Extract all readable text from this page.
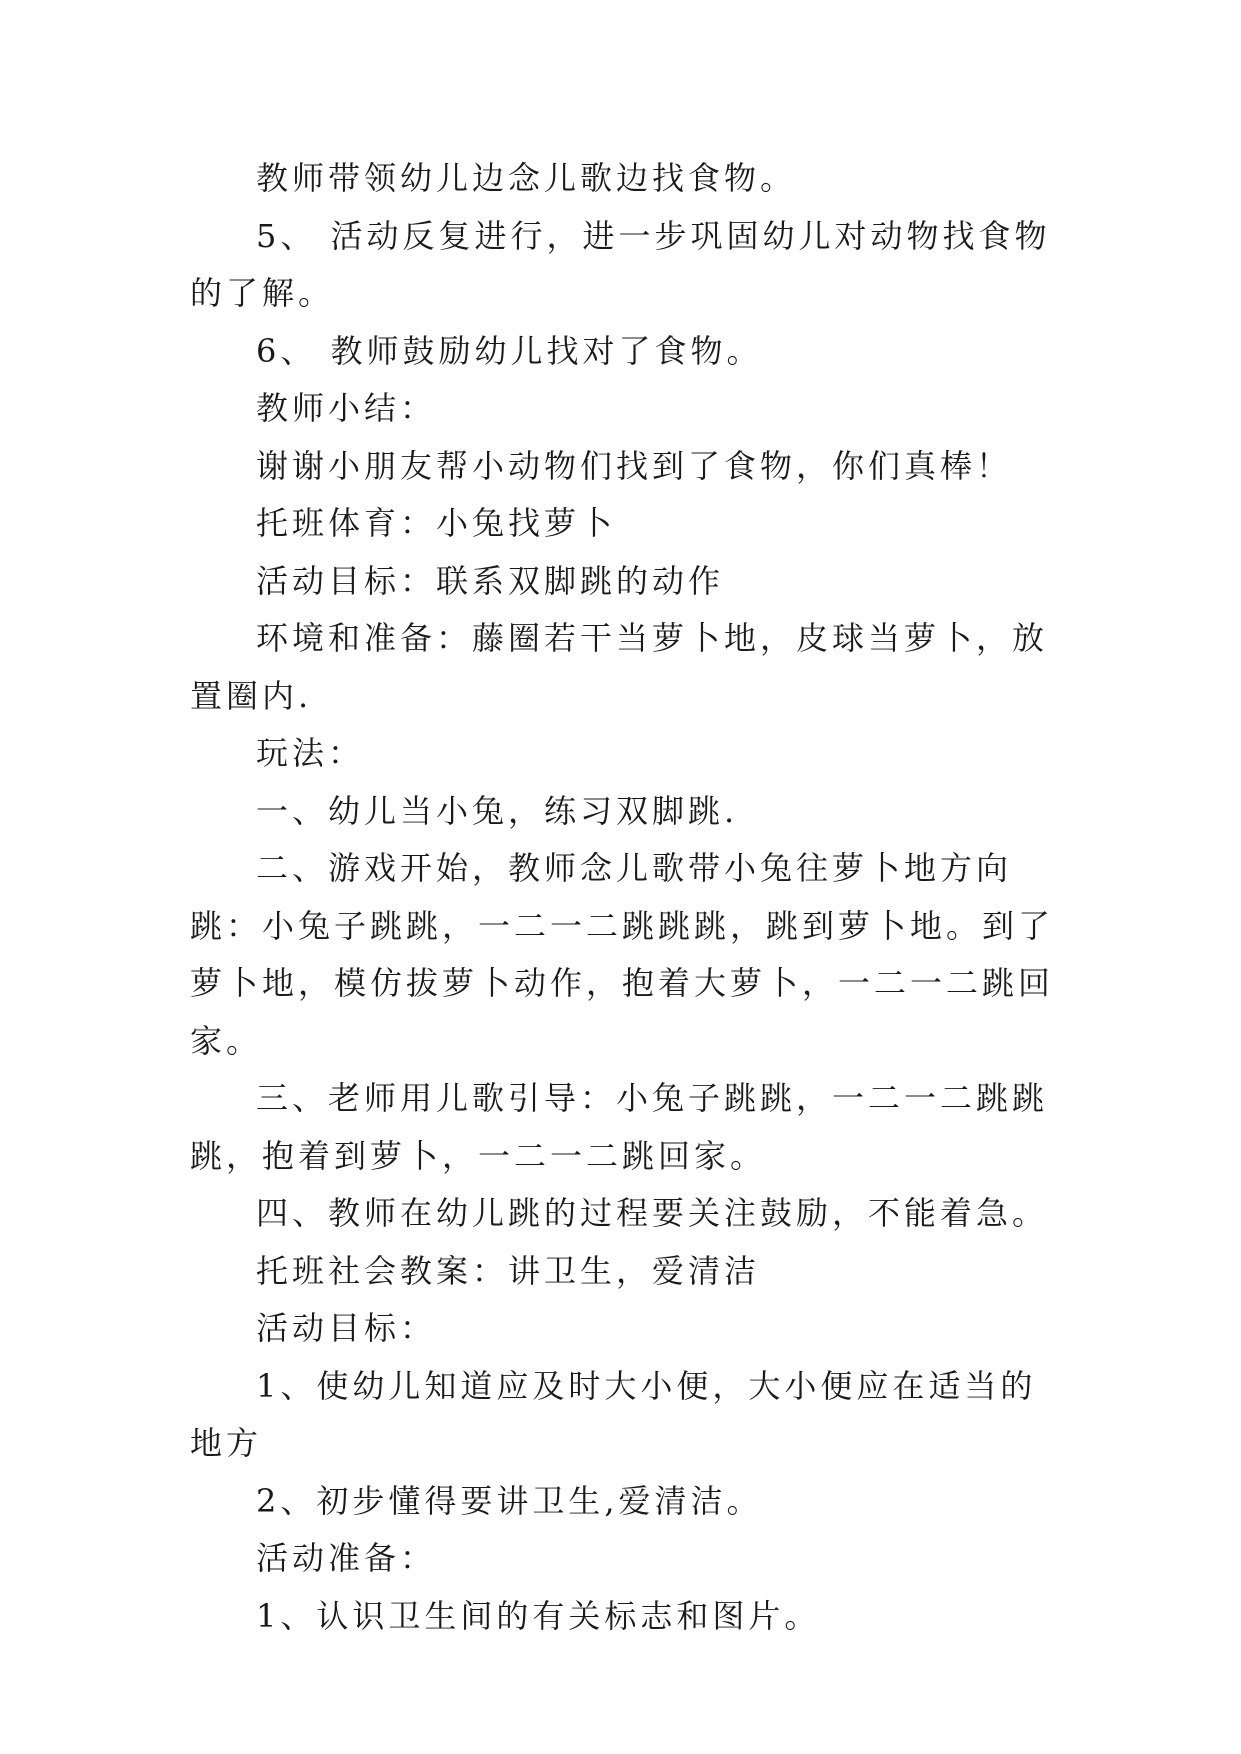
教师带领幼儿边念儿歌边找食物。

5、 活动反复进行，进一步巩固幼儿对动物找食物的了解。

6、 教师鼓励幼儿找对了食物。

教师小结：

谢谢小朋友帮小动物们找到了食物，你们真棒！

托班体育：小兔找萝卜

活动目标：联系双脚跳的动作

环境和准备：藤圈若干当萝卜地，皮球当萝卜，放置圈内.

玩法：

一、幼儿当小兔，练习双脚跳.

二、游戏开始，教师念儿歌带小兔往萝卜地方向跳：小兔子跳跳，一二一二跳跳跳，跳到萝卜地。到了萝卜地，模仿拔萝卜动作，抱着大萝卜，一二一二跳回家。

三、老师用儿歌引导：小兔子跳跳，一二一二跳跳跳，抱着到萝卜，一二一二跳回家。

四、教师在幼儿跳的过程要关注鼓励，不能着急。

托班社会教案：讲卫生，爱清洁

活动目标：

1、使幼儿知道应及时大小便，大小便应在适当的地方

2、初步懂得要讲卫生,爱清洁。

活动准备：

1、认识卫生间的有关标志和图片。
